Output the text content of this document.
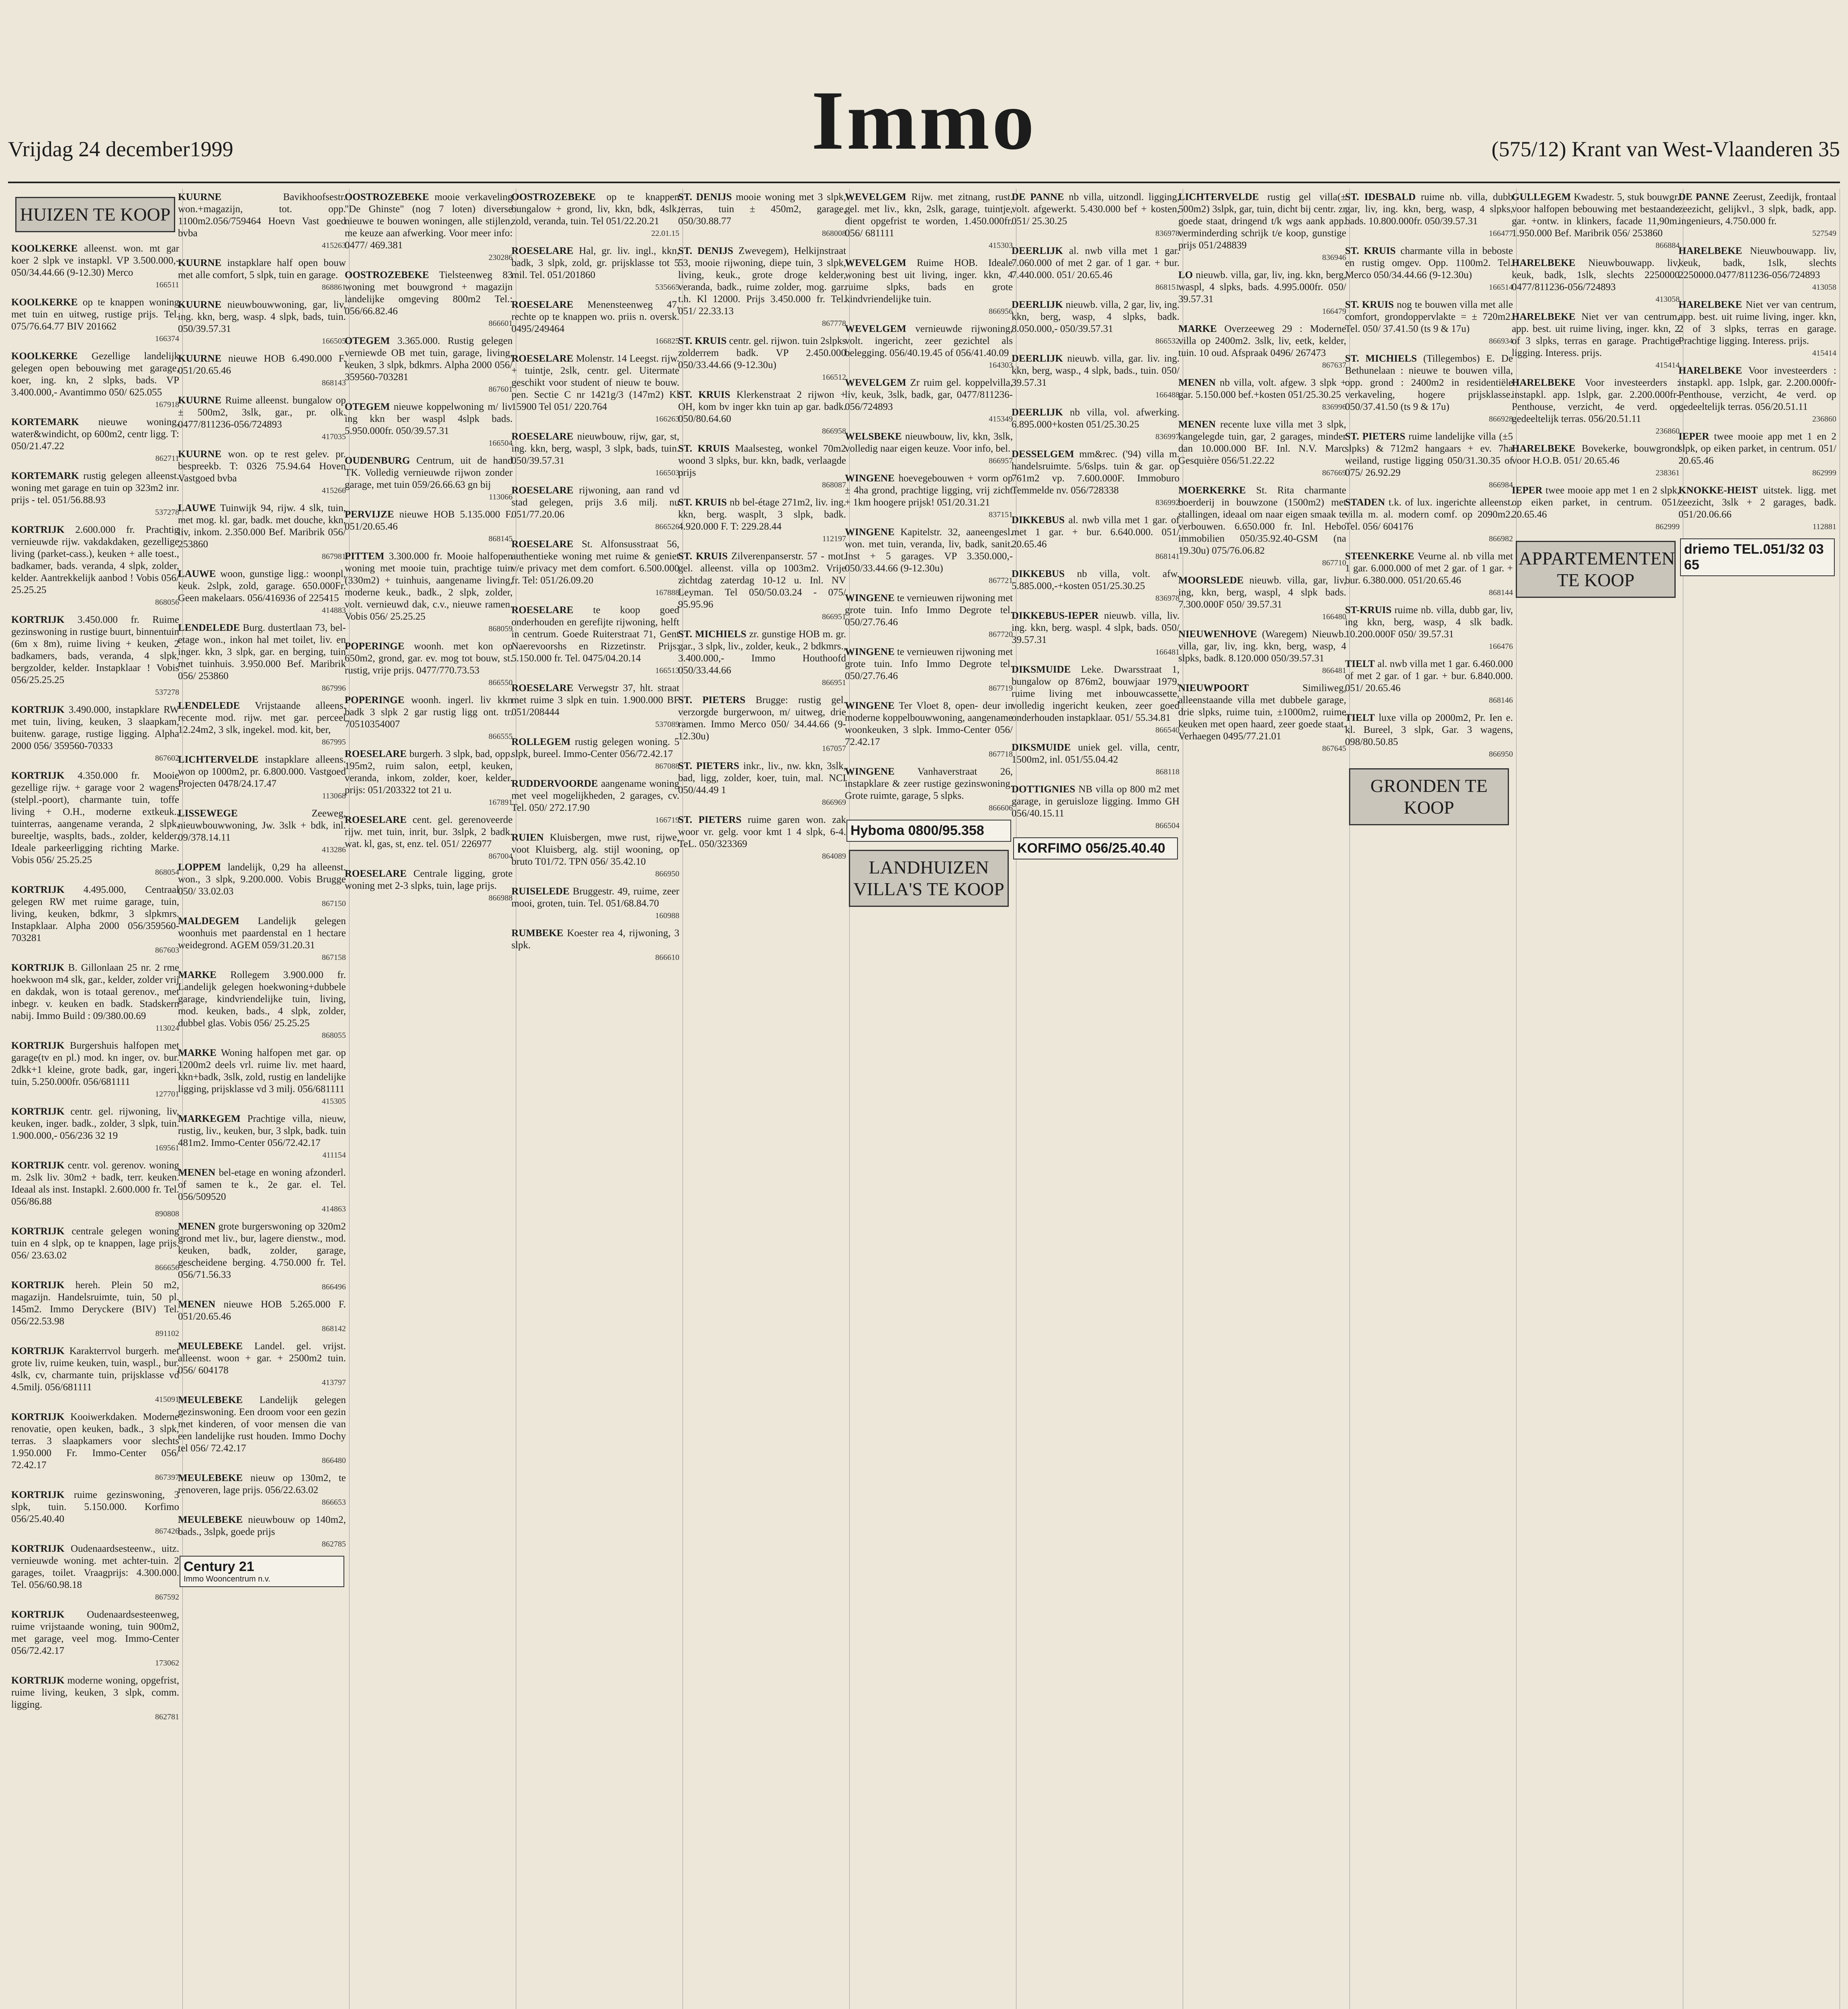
Vrijdag 24 december1999	Immo	(575/12) Krant van West-Vlaanderen 35
HUIZEN TE KOOP
KOOLKERKE alleenst. won. mt gar koer 2 slpk ve instapkl. VP 3.500.000,- 050/34.44.66 (9-12.30) Merco
166511
KOOLKERKE op te knappen woning met tuin en uitweg, rustige prijs. Tel. 075/76.64.77 BIV 201662
166374
KOOLKERKE Gezellige landelijk gelegen open bebouwing met garage, koer, ing. kn, 2 slpks, bads. VP 3.400.000,- Avantimmo 050/ 625.055
167918
KORTEMARK nieuwe woning, water&windicht, op 600m2, centr ligg. T: 050/21.47.22
862711
KORTEMARK rustig gelegen alleenst. woning met garage en tuin op 323m2 inr. prijs - tel. 051/56.88.93
537278
KORTRIJK 2.600.000 fr. Prachtig vernieuwde rijw. vakdakdaken, gezellige living (parket-cass.), keuken + alle toest., badkamer, bads. veranda, 4 slpk, zolder, kelder. Aantrekkelijk aanbod ! Vobis 056/ 25.25.25
868056
KORTRIJK 3.450.000 fr. Ruime gezinswoning in rustige buurt, binnentuin (6m x 8m), ruime living + keuken, 2 badkamers, bads, veranda, 4 slpk, bergzolder, kelder. Instapklaar ! Vobis 056/25.25.25
537278
KORTRIJK 3.490.000, instapklare RW met tuin, living, keuken, 3 slaapkam, buitenw. garage, rustige ligging. Alpha 2000 056/ 359560-70333
867602
KORTRIJK 4.350.000 fr. Mooie gezellige rijw. + garage voor 2 wagens (stelpl.-poort), charmante tuin, toffe living + O.H., moderne extkeuk., tuinterras, aangename veranda, 2 slpk, bureeltje, wasplts, bads., zolder, kelder. Ideale parkeerligging richting Marke. Vobis 056/ 25.25.25
868054
KORTRIJK 4.495.000, Centraal gelegen RW met ruime garage, tuin, living, keuken, bdkmr, 3 slpkmrs. Instapklaar. Alpha 2000 056/359560-703281
867603
KORTRIJK B. Gillonlaan 25 nr. 2 rme hoekwoon m4 slk, gar., kelder, zolder vrij en dakdak, won is totaal gerenov., met inbegr. v. keuken en badk. Stadskern nabij. Immo Build : 09/380.00.69
113024
KORTRIJK Burgershuis halfopen met garage(tv en pl.) mod. kn inger, ov. bur. 2dkk+1 kleine, grote badk, gar, ingeri. tuin, 5.250.000fr. 056/681111
127701
KORTRIJK centr. gel. rijwoning, liv, keuken, inger. badk., zolder, 3 slpk, tuin. 1.900.000,- 056/236 32 19
169561
KORTRIJK centr. vol. gerenov. woning m. 2slk liv. 30m2 + badk, terr. keuken. Ideaal als inst. Instapkl. 2.600.000 fr. Tel. 056/86.88
890808
KORTRIJK centrale gelegen woning tuin en 4 slpk, op te knappen, lage prijs. 056/ 23.63.02
866656
KORTRIJK hereh. Plein 50 m2, magazijn. Handelsruimte, tuin, 50 pl. 145m2. Immo Deryckere (BIV) Tel. 056/22.53.98
891102
KORTRIJK Karakterrvol burgerh. met grote liv, ruime keuken, tuin, waspl., bur. 4slk, cv, charmante tuin, prijsklasse vd 4.5milj. 056/681111
415091
KORTRIJK Kooiwerkdaken. Moderne renovatie, open keuken, badk., 3 slpk, terras. 3 slaapkamers voor slechts 1.950.000 Fr. Immo-Center 056/ 72.42.17
867397
KORTRIJK ruime gezinswoning, 3 slpk, tuin. 5.150.000. Korfimo 056/25.40.40
867426
KORTRIJK Oudenaardsesteenw., uitz. vernieuwde woning. met achter-tuin. 2 garages, toilet. Vraagprijs: 4.300.000. Tel. 056/60.98.18
867592
KORTRIJK Oudenaardsesteenweg, ruime vrijstaande woning, tuin 900m2, met garage, veel mog. Immo-Center 056/72.42.17
173062
KORTRIJK moderne woning, opgefrist, ruime living, keuken, 3 slpk, comm. ligging.
862781
KUURNE	Bavikhoofsestr. won.+magazijn, tot. opp. 1100m2.056/759464 Hoevn Vast goed bvba
415263
KUURNE instapklare half open bouw met alle comfort, 5 slpk, tuin en garage.
868861
KUURNE nieuwbouwwoning, gar, liv, ing. kkn, berg, wasp. 4 slpk, bads, tuin. 050/39.57.31
166505
KUURNE nieuwe HOB 6.490.000 F. 051/20.65.46
868143
KUURNE Ruime alleenst. bungalow op ± 500m2, 3slk, gar., pr. olk. 0477/811236-056/724893
417035
KUURNE won. op te rest gelev. pr. bespreekb. T: 0326 75.94.64 Hoven Vastgoed bvba
415266
LAUWE Tuinwijk 94, rijw. 4 slk, tuin, met mog. kl. gar, badk. met douche, kkn, liv, inkom. 2.350.000 Bef. Maribrik 056/ 253860
867981
LAUWE woon, gunstige ligg.: woonpl, keuk. 2slpk, zold, garage. 650.000Fr. Geen makelaars. 056/416936 of 225415
414883
LENDELEDE Burg. dustertlaan 73, bel-etage won., inkon hal met toilet, liv. en inger. kkn, 3 slpk, gar. en berging, tuin met tuinhuis. 3.950.000 Bef. Maribrik 056/ 253860
867996
LENDELEDE Vrijstaande alleens. recente mod. rijw. met gar. perceel 12.24m2, 3 slk, ingekel. mod. kit, ber,
867995
LICHTERVELDE instapklare alleens. won op 1000m2, pr. 6.800.000. Vastgoed Projecten 0478/24.17.47
113068
LISSEWEGE	Zeeweg, nieuwbouwwoning, Jw. 3slk + bdk, inl. 09/378.14.11
413286
LOPPEM landelijk, 0,29 ha alleenst. won., 3 slpk, 9.200.000. Vobis Brugge 050/ 33.02.03
867150
MALDEGEM Landelijk gelegen woonhuis met paardenstal en 1 hectare weidegrond. AGEM 059/31.20.31
867158
MARKE Rollegem 3.900.000 fr. Landelijk gelegen hoekwoning+dubbele garage, kindvriendelijke tuin, living, mod. keuken, bads., 4 slpk, zolder, dubbel glas. Vobis 056/ 25.25.25
868055
MARKE Woning halfopen met gar. op 1200m2 deels vrl. ruime liv. met haard, kkn+badk, 3slk, zold, rustig en landelijke ligging, prijsklasse vd 3 milj. 056/681111
415305
MARKEGEM Prachtige villa, nieuw, rustig, liv., keuken, bur, 3 slpk, badk. tuin 481m2. Immo-Center 056/72.42.17
411154
MENEN bel-etage en woning afzonderl. of samen te k., 2e gar. el. Tel. 056/509520
414863
MENEN grote burgerswoning op 320m2 grond met liv., bur, lagere dienstw., mod. keuken, badk, zolder, garage, gescheidene berging. 4.750.000 fr. Tel. 056/71.56.33
866496
MENEN nieuwe HOB 5.265.000 F. 051/20.65.46
868142
MEULEBEKE Landel. gel. vrijst. alleenst. woon + gar. + 2500m2 tuin. 056/ 604178
413797
MEULEBEKE Landelijk gelegen gezinswoning. Een droom voor een gezin met kinderen, of voor mensen die van een landelijke rust houden. Immo Dochy tel 056/ 72.42.17
866480
MEULEBEKE nieuw op 130m2, te renoveren, lage prijs. 056/22.63.02
866653
MEULEBEKE nieuwbouw op 140m2, bads., 3slpk, goede prijs
862785
Century 21
Immo Wooncentrum n.v.
OOSTROZEBEKE mooie verkaveling "De Ghinste" (nog 7 loten) diverse nieuwe te bouwen woningen, alle stijlen, me keuze aan afwerking. Voor meer info: 0477/ 469.381
230286
OOSTROZEBEKE Tielsteenweg 83 woning met bouwgrond + magazijn landelijke omgeving 800m2 Tel.: 056/66.82.46
866601
OTEGEM 3.365.000. Rustig gelegen verniewde OB met tuin, garage, living, keuken, 3 slpk, bdkmrs. Alpha 2000 056/ 359560-703281
867601
OTEGEM nieuwe koppelwoning m/ liv ing kkn ber waspl 4slpk bads. 5.950.000fr. 050/39.57.31
166504
OUDENBURG Centrum, uit de hand TK. Volledig vernieuwde rijwon zonder garage, met tuin 059/26.66.63 gn bij
113066
PERVIJZE nieuwe HOB 5.135.000 F. 051/20.65.46
868145
PITTEM 3.300.000 fr. Mooie halfopen woning met mooie tuin, prachtige tuin (330m2) + tuinhuis, aangename living, moderne keuk., badk., 2 slpk, zolder, volt. vernieuwd dak, c.v., nieuwe ramen. Vobis 056/ 25.25.25
868059
POPERINGE woonh. met kon op 650m2, grond, gar. ev. mog tot bouw, st. rustig, vrije prijs. 0477/770.73.53
866550
POPERINGE woonh. ingerl. liv kkn badk 3 slpk 2 gar rustig ligg ont. tr. 70510354007
866555
ROESELARE burgerh. 3 slpk, bad, opp. 195m2, ruim salon, eetpl, keuken, veranda, inkom, zolder, koer, kelder. prijs: 051/203322 tot 21 u.
167891
ROESELARE cent. gel. gerenoveerde rijw. met tuin, inrit, bur. 3slpk, 2 badk. wat. kl, gas, st, enz. tel. 051/ 226977
867004
ROESELARE Centrale ligging, grote woning met 2-3 slpks, tuin, lage prijs.
866988
OOSTROZEBEKE op te knappen bungalow + grond, liv, kkn, bdk, 4slk, zold, veranda, tuin. Tel 051/22.20.21
22.01.15
ROESELARE Hal, gr. liv. ingl., kkn, badk, 3 slpk, zold, gr. prijsklasse tot 5 mil. Tel. 051/201860
535665
ROESELARE Menensteenweg 47, rechte op te knappen wo. priis n. oversk. 0495/249464
166825
ROESELARE Molenstr. 14 Leegst. rijw. + tuintje, 2slk, centr. gel. Uitermate geschikt voor student of nieuw te bouw. pen. Sectie C nr 1421g/3 (147m2) Kl 15900 Tel 051/ 220.764
166263
ROESELARE nieuwbouw, rijw, gar, st, ing. kkn, berg, waspl, 3 slpk, bads, tuin. 050/39.57.31
166503
ROESELARE rijwoning, aan rand vd stad gelegen, prijs 3.6 milj. nu 051/77.20.06
866526
ROESELARE St. Alfonsusstraat 56, authentieke woning met ruime & geniet v/e privacy met dem comfort. 6.500.000 fr. Tel: 051/26.09.20
167888
ROESELARE te koop goed onderhouden en gerefijte rijwoning, helft in centrum. Goede Ruiterstraat 71, Gent Naerevoorshs en Rizzetinstr. Prijs: 5.150.000 fr. Tel. 0475/04.20.14
166513
ROESELARE Verwegstr 37, hlt. straat met ruime 3 slpk en tuin. 1.900.000 BF 051/208444
537089
ROLLEGEM rustig gelegen woning. 5 slpk, bureel. Immo-Center 056/72.42.17
867088
RUDDERVOORDE aangename woning met veel mogelijkheden, 2 garages, cv. Tel. 050/ 272.17.90
166719
RUIEN Kluisbergen, mwe rust, rijwe, voot Kluisberg, alg. stijl wooning, op bruto T01/72. TPN 056/ 35.42.10
866950
RUISELEDE Bruggestr. 49, ruime, zeer mooi, groten, tuin. Tel. 051/68.84.70
160988
RUMBEKE Koester rea 4, rijwoning, 3 slpk.
866610
ST. DENIJS mooie woning met 3 slpk, terras, tuin ± 450m2, garage, 050/30.88.77
868008
ST. DENIJS Zwevegem), Helkijnstraat 53, mooie rijwoning, diepe tuin, 3 slpk, living, keuk., grote droge kelder, veranda, badk., ruime zolder, mog. gar. t.h. Kl 12000. Prijs 3.450.000 fr. Tel. 051/ 22.33.13
867778
ST. KRUIS centr. gel. rijwon. tuin 2slpks zolderrem badk. VP 2.450.000 050/33.44.66 (9-12.30u)
166512
ST. KRUIS Klerkenstraat 2 rijwon + OH, kom bv inger kkn tuin ap gar. badk. 050/80.64.60
866958
ST. KRUIS Maalsesteg, wonkel 70m2 woond 3 slpks, bur. kkn, badk, verlaagde prijs
868087
ST. KRUIS nb bel-étage 271m2, liv. ing. kkn, berg. wasplt, 3 slpk, badk. 4.920.000 F. T: 229.28.44
112197
ST. KRUIS Zilverenpanserstr. 57 - mot. gel. alleenst. villa op 1003m2. Vrije zichtdag zaterdag 10-12 u. Inl. NV Leyman. Tel 050/50.03.24 - 075/ 95.95.96
866951
ST. MICHIELS zr. gunstige HOB m. gr. gar., 3 slpk, liv., zolder, keuk., 2 bdkmrs., 3.400.000,- Immo Houthoofd 050/33.44.66
866951
ST. PIETERS Brugge: rustig gel. verzorgde burgerwoon, m/ uitweg, drie ramen. Immo Merco 050/ 34.44.66 (9-12.30u)
167057
ST. PIETERS inkr., liv., nw. kkn, 3slk, bad, ligg, zolder, koer, tuin, mal. NCI 050/44.49 1
866969
ST. PIETERS ruime garen won. zak woor vr. gelg. voor kmt 1 4 slpk, 6-4. TeL. 050/323369
864089
WEVELGEM Rijw. met zitnang, rust. gel. met liv., kkn, 2slk, garage, tuintje, dient opgefrist te worden, 1.450.000fr. 056/ 681111
415303
WEVELGEM Ruime HOB. Ideale woning best uit living, inger. kkn, 4 ruime slpks, bads en grote kindvriendelijke tuin.
866956
WEVELGEM vernieuwde rijwoning, volt. ingericht, zeer gezichtel als belegging. 056/40.19.45 of 056/41.40.09
164303
WEVELGEM Zr ruim gel. koppelvilla, liv, keuk, 3slk, badk, gar, 0477/811236-056/724893
415349
WELSBEKE nieuwbouw, liv, kkn, 3slk, volledig naar eigen keuze. Voor info, bel.
866957
WINGENE hoevegebouwen + vorm op ± 4ha grond, prachtige ligging, vrij zicht + 1km hoogere prijsk! 051/20.31.21
837151
WINGENE Kapitelstr. 32, aaneengesl. won. met tuin, veranda, liv, badk, sanit. Inst + 5 garages. VP 3.350.000,- 050/33.44.66 (9-12.30u)
867721
WINGENE te vernieuwen rijwoning met grote tuin. Info Immo Degrote tel. 050/27.76.46
867720
WINGENE te vernieuwen rijwoning met grote tuin. Info Immo Degrote tel. 050/27.76.46
867719
WINGENE Ter Vloet 8, open- deur in moderne koppelbouwwoning, aangename woonkeuken, 3 slpk. Immo-Center 056/ 72.42.17
867718
WINGENE Vanhaverstraat 26, instapklare & zeer rustige gezinswoning. Grote ruimte, garage, 5 slpks.
866606
Hyboma 0800/95.358
LANDHUIZEN VILLA'S TE KOOP
DE PANNE nb villa, uitzondl. ligging, volt. afgewerkt. 5.430.000 bef + kosten, 051/ 25.30.25
836978
DEERLIJK al. nwb villa met 1 gar. 7.060.000 of met 2 gar. of 1 gar. + bur. 7.440.000. 051/ 20.65.46
868151
DEERLIJK nieuwb. villa, 2 gar, liv, ing. kkn, berg, wasp, 4 slpks, badk. 8.050.000,- 050/39.57.31
866532
DEERLIJK nieuwb. villa, gar. liv. ing. kkn, berg, wasp., 4 slpk, bads., tuin. 050/ 39.57.31
166488
DEERLIJK nb villa, vol. afwerking. 6.895.000+kosten 051/25.30.25
836997
DESSELGEM mm&rec. ('94) villa m. handelsruimte. 5/6slps. tuin & gar. op 761m2 vp. 7.600.000F. Immoburo Temmelde nv. 056/728338
836992
DIKKEBUS al. nwb villa met 1 gar. of met 1 gar. + bur. 6.640.000. 051/ 20.65.46
868141
DIKKEBUS nb villa, volt. afw. 5.885.000,-+kosten 051/25.30.25
836978
DIKKEBUS-IEPER nieuwb. villa, liv. ing. kkn, berg. waspl. 4 slpk, bads. 050/ 39.57.31
166481
DIKSMUIDE Leke. Dwarsstraat 1, bungalow op 876m2, bouwjaar 1979, ruime living met inbouwcassette, volledig ingericht keuken, zeer goed onderhouden instapklaar. 051/ 55.34.81
866540
DIKSMUIDE uniek gel. villa, centr, 1500m2, inl. 051/55.04.42
868118
DOTTIGNIES NB villa op 800 m2 met garage, in geruisloze ligging. Immo GH 056/40.15.11
866504
KORFIMO 056/25.40.40
LICHTERVELDE rustig gel villa(± 500m2) 3slpk, gar, tuin, dicht bij centr. zr goede staat, dringend t/k wgs aank app. verminderding schrijk t/e koop, gunstige prijs 051/248839
836946
LO nieuwb. villa, gar, liv, ing. kkn, berg, waspl, 4 slpks, bads. 4.995.000fr. 050/ 39.57.31
166479
MARKE Overzeeweg 29 : Moderne villa op 2400m2. 3slk, liv, eetk, kelder, tuin. 10 oud. Afspraak 0496/ 267473
867637
MENEN nb villa, volt. afgew. 3 slpk + gar. 5.150.000 bef.+kosten 051/25.30.25
836996
MENEN recente luxe villa met 3 slpk, kangelegde tuin, gar, 2 garages, minder dan 10.000.000 BF. Inl. N.V. Marc Gesquière 056/51.22.22
867669
MOERKERKE St. Rita charmante boerderij in bouwzone (1500m2) met stallingen, ideaal om naar eigen smaak te verbouwen. 6.650.000 fr. Inl. Hebo immobilien 050/35.92.40-GSM (na 19.30u) 075/76.06.82
867710
MOORSLEDE nieuwb. villa, gar, liv, ing, kkn, berg, waspl, 4 slpk bads. 7.300.000F 050/ 39.57.31
166480
NIEUWENHOVE (Waregem) Nieuwb. villa, gar, liv, ing. kkn, berg, wasp, 4 slpks, badk. 8.120.000 050/39.57.31
866481
NIEUWPOORT	Similiweg, alleenstaande villa met dubbele garage, drie slpks, ruime tuin, ±1000m2, ruime keuken met open haard, zeer goede staat. Verhaegen 0495/77.21.01
867645
ST. IDESBALD ruime nb. villa, dubb gar, liv, ing. kkn, berg, wasp, 4 slpks, bads. 10.800.000fr. 050/39.57.31
166477
ST. KRUIS charmante villa in beboste en rustig omgev. Opp. 1100m2. Tel. Merco 050/34.44.66 (9-12.30u)
166514
ST. KRUIS nog te bouwen villa met alle comfort, grondoppervlakte = ± 720m2. Tel. 050/ 37.41.50 (ts 9 & 17u)
866934
ST. MICHIELS (Tillegembos) E. De Bethunelaan : nieuwe te bouwen villa, opp. grond : 2400m2 in residentiële verkaveling, hogere prijsklasse. 050/37.41.50 (ts 9 & 17u)
866928
ST. PIETERS ruime landelijke villa (±5 slpks) & 712m2 hangaars + ev. 7ha weiland, rustige ligging 050/31.30.35 of 075/ 26.92.29
866984
STADEN t.k. of lux. ingerichte alleenst. villa m. al. modern comf. op 2090m2. Tel. 056/ 604176
866982
STEENKERKE Veurne al. nb villa met 1 gar. 6.000.000 of met 2 gar. of 1 gar. + bur. 6.380.000. 051/20.65.46
868144
ST-KRUIS ruime nb. villa, dubb gar, liv, ing kkn, berg, wasp, 4 slk badk. 10.200.000F 050/ 39.57.31
166476
TIELT al. nwb villa met 1 gar. 6.460.000 of met 2 gar. of 1 gar. + bur. 6.840.000. 051/ 20.65.46
868146
TIELT luxe villa op 2000m2, Pr. Ien e. kl. Bureel, 3 slpk, Gar. 3 wagens, 098/80.50.85
866950
GRONDEN TE KOOP
GULLEGEM Kwadestr. 5, stuk bouwgr. voor halfopen bebouwing met bestaande gar. +ontw. in klinkers, facade 11,90m. 1.950.000 Bef. Maribrik 056/ 253860
866884
HARELBEKE Nieuwbouwapp. liv, keuk, badk, 1slk, slechts 2250000 0477/811236-056/724893
413058
HARELBEKE Niet ver van centrum, app. best. uit ruime living, inger. kkn, 2 of 3 slpks, terras en garage. Prachtige ligging. Interess. prijs.
415414
HARELBEKE Voor investeerders : instapkl. app. 1slpk, gar. 2.200.000fr-Penthouse, verzicht, 4e verd. op gedeeltelijk terras. 056/20.51.11
236860
HARELBEKE Bovekerke, bouwgrond voor H.O.B. 051/ 20.65.46
238361
IEPER twee mooie app met 1 en 2 slpk, op eiken parket, in centrum. 051/ 20.65.46
862999
APPARTEMENTEN TE KOOP
DE PANNE Zeerust, Zeedijk, frontaal zeezicht, gelijkvl., 3 slpk, badk, app. ingenieurs, 4.750.000 fr.
527549
HARELBEKE Nieuwbouwapp. liv, keuk, badk, 1slk, slechts 2250000.0477/811236-056/724893
413058
HARELBEKE Niet ver van centrum, app. best. uit ruime living, inger. kkn, 2 of 3 slpks, terras en garage. Prachtige ligging. Interess. prijs.
415414
HARELBEKE Voor investeerders : instapkl. app. 1slpk, gar. 2.200.000fr-Penthouse, verzicht, 4e verd. op gedeeltelijk terras. 056/20.51.11
236860
IEPER twee mooie app met 1 en 2 slpk, op eiken parket, in centrum. 051/ 20.65.46
862999
KNOKKE-HEIST uitstek. ligg. met zeezicht, 3slk + 2 garages, badk. 051/20.06.66
112881
driemo TEL.051/32 03 65
